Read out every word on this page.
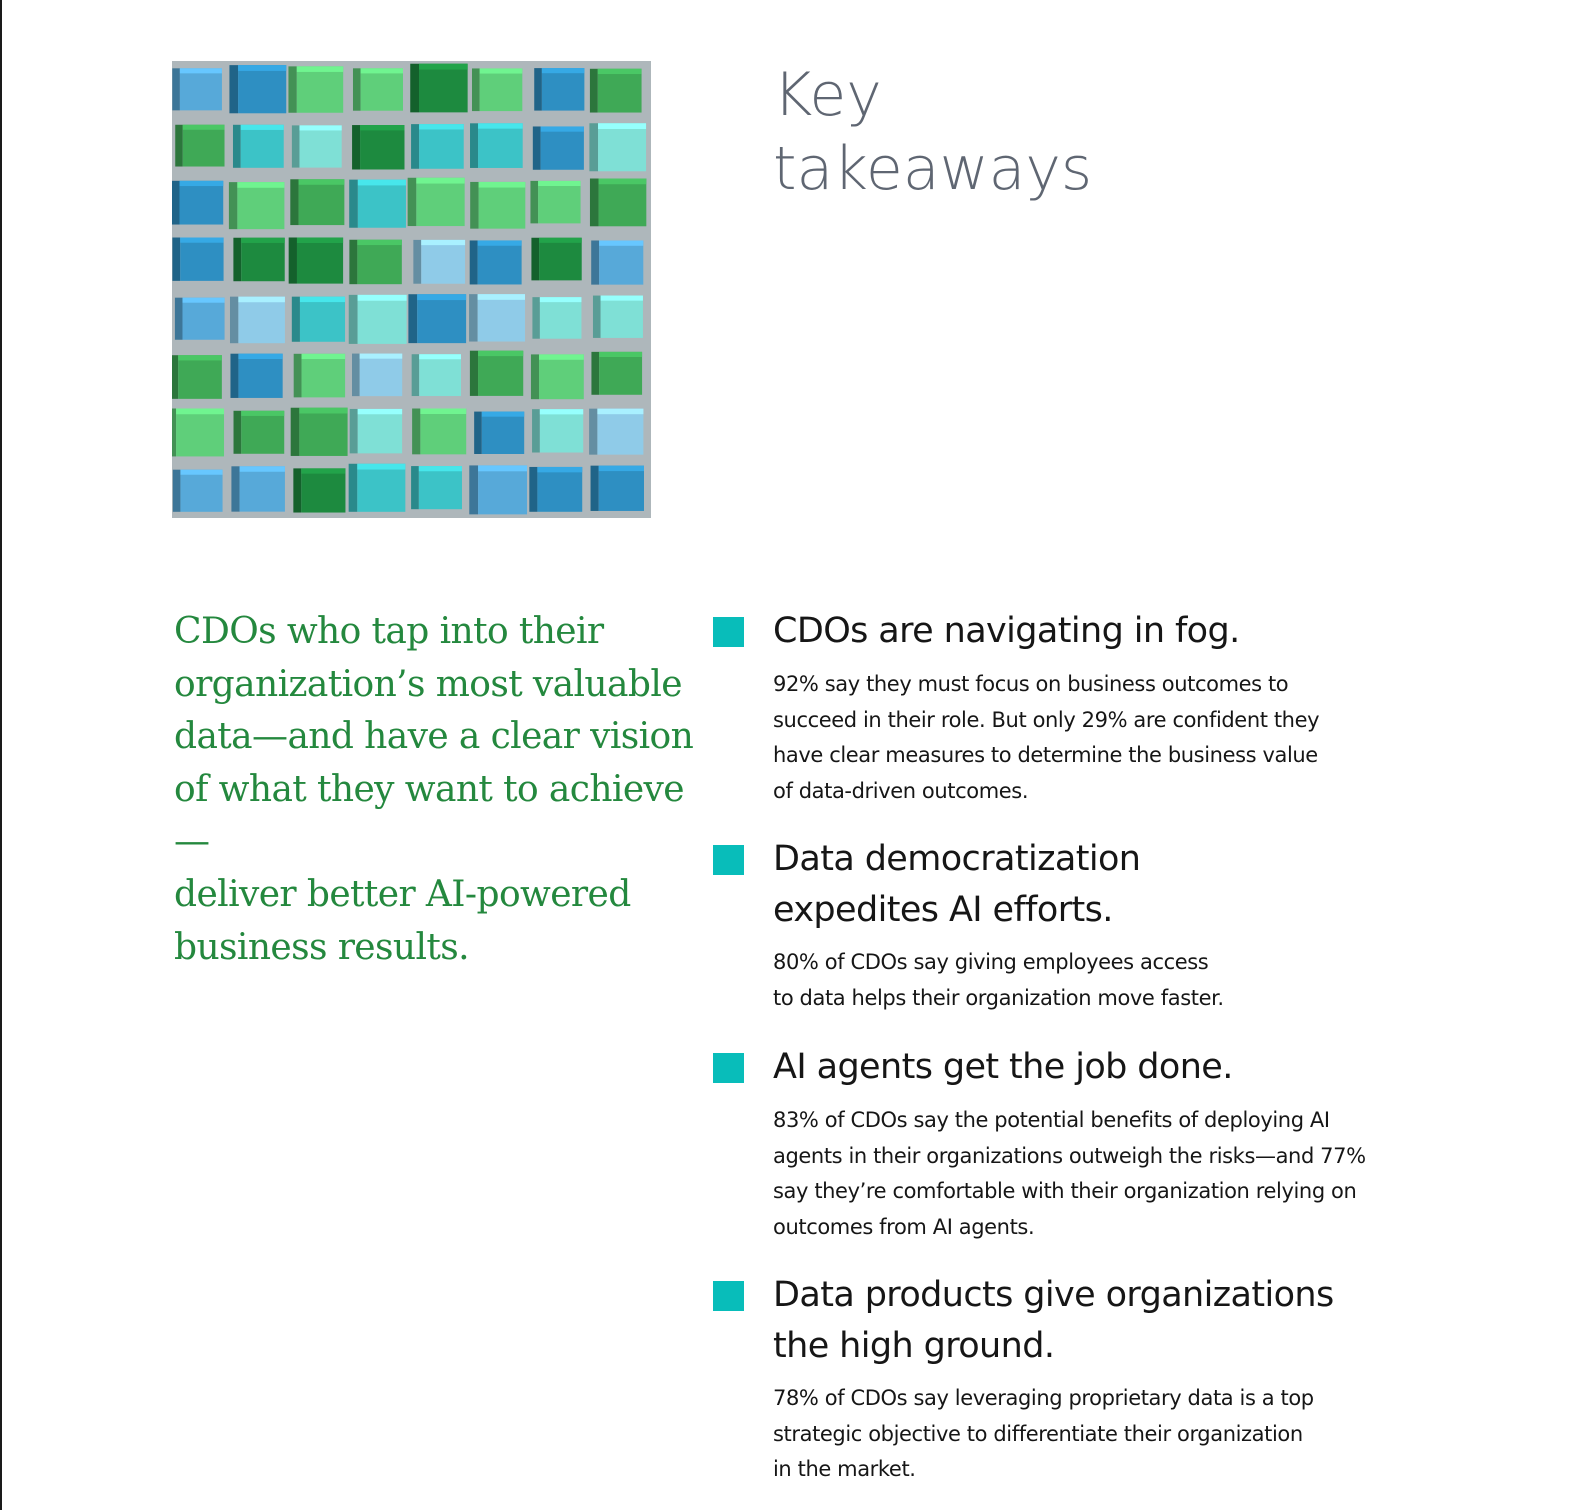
Key
takeaways

CDOs who tap into their
organization’s most valuable
data—and have a clear vision
of what they want to achieve—
deliver better AI-powered
business results.

CDOs are navigating in fog.

92% say they must focus on business outcomes to
succeed in their role. But only 29% are confident they
have clear measures to determine the business value
of data-driven outcomes.

Data democratization
expedites AI efforts.

80% of CDOs say giving employees access
to data helps their organization move faster.

AI agents get the job done.

83% of CDOs say the potential benefits of deploying AI
agents in their organizations outweigh the risks—and 77%
say they’re comfortable with their organization relying on
outcomes from AI agents.

Data products give organizations
the high ground.

78% of CDOs say leveraging proprietary data is a top
strategic objective to differentiate their organization
in the market.
